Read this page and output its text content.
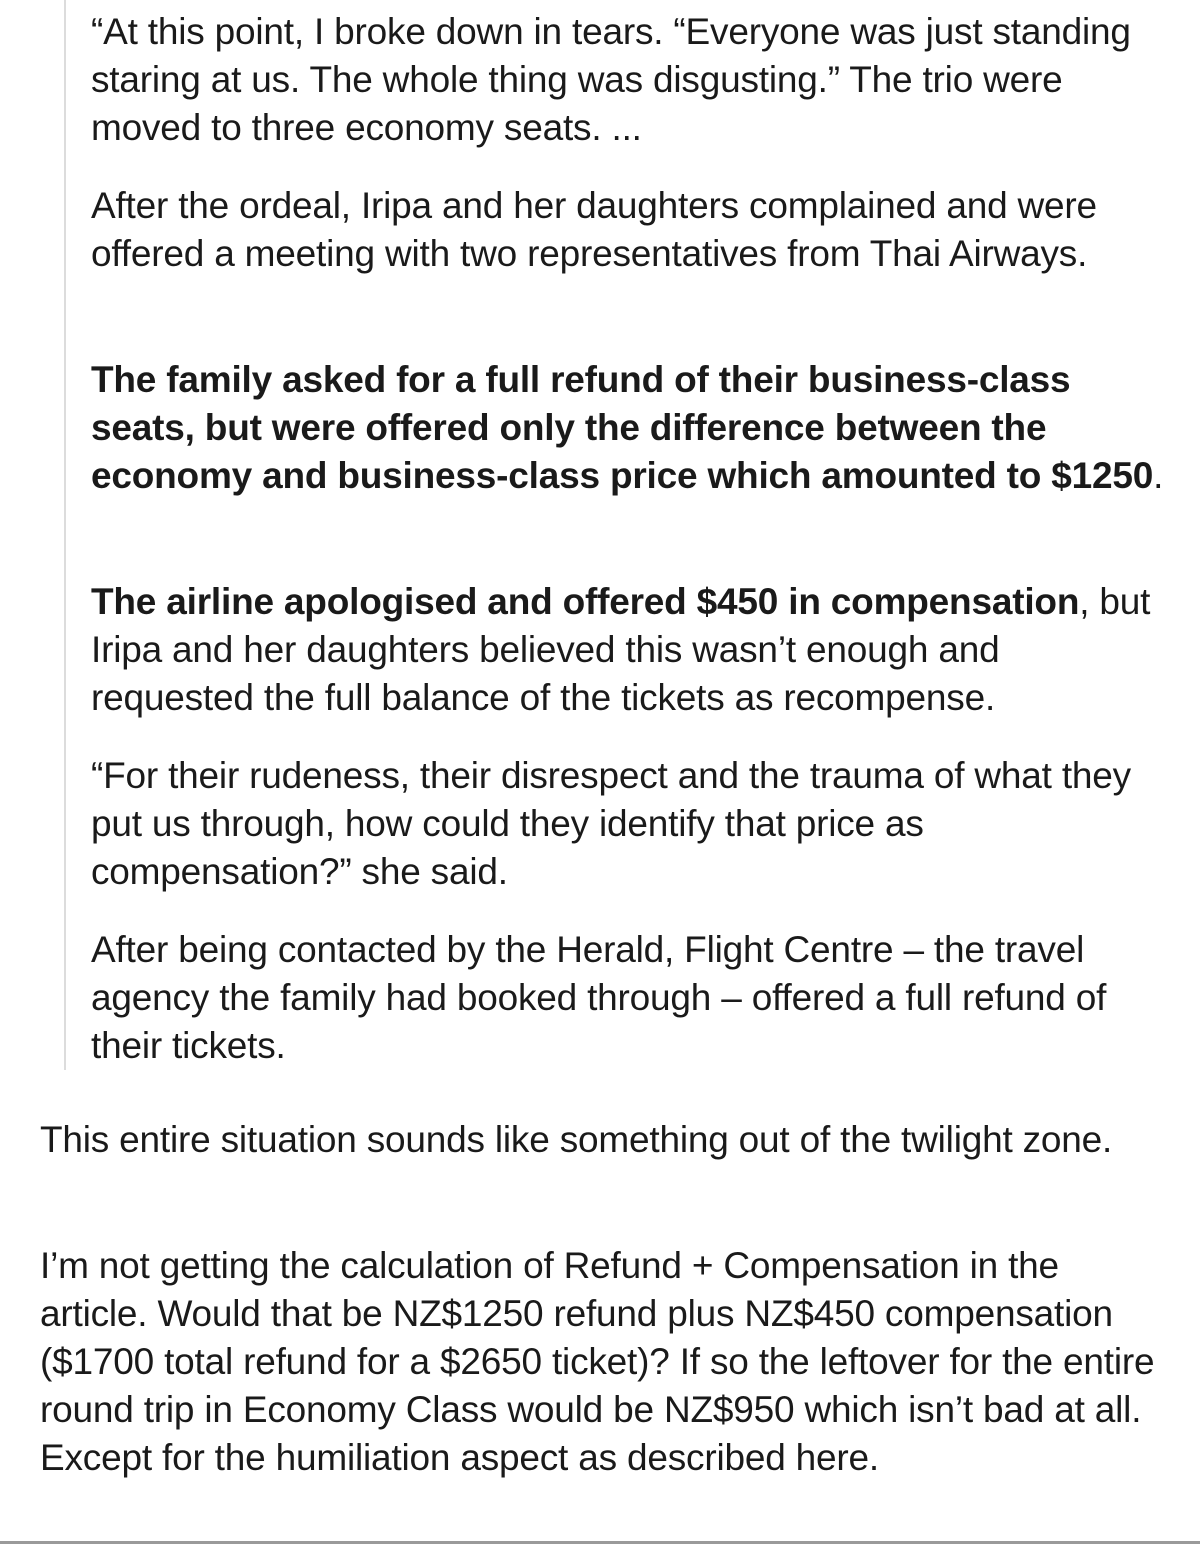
“At this point, I broke down in tears. “Everyone was just standing staring at us. The whole thing was disgusting.” The trio were moved to three economy seats. ...

After the ordeal, Iripa and her daughters complained and were offered a meeting with two representatives from Thai Airways.

The family asked for a full refund of their business-class seats, but were offered only the difference between the economy and business-class price which amounted to $1250.

The airline apologised and offered $450 in compensation, but Iripa and her daughters believed this wasn’t enough and requested the full balance of the tickets as recompense.

“For their rudeness, their disrespect and the trauma of what they put us through, how could they identify that price as compensation?” she said.

After being contacted by the Herald, Flight Centre – the travel agency the family had booked through – offered a full refund of their tickets.

This entire situation sounds like something out of the twilight zone.

I’m not getting the calculation of Refund + Compensation in the article. Would that be NZ$1250 refund plus NZ$450 compensation ($1700 total refund for a $2650 ticket)? If so the leftover for the entire round trip in Economy Class would be NZ$950 which isn’t bad at all. Except for the humiliation aspect as described here.
